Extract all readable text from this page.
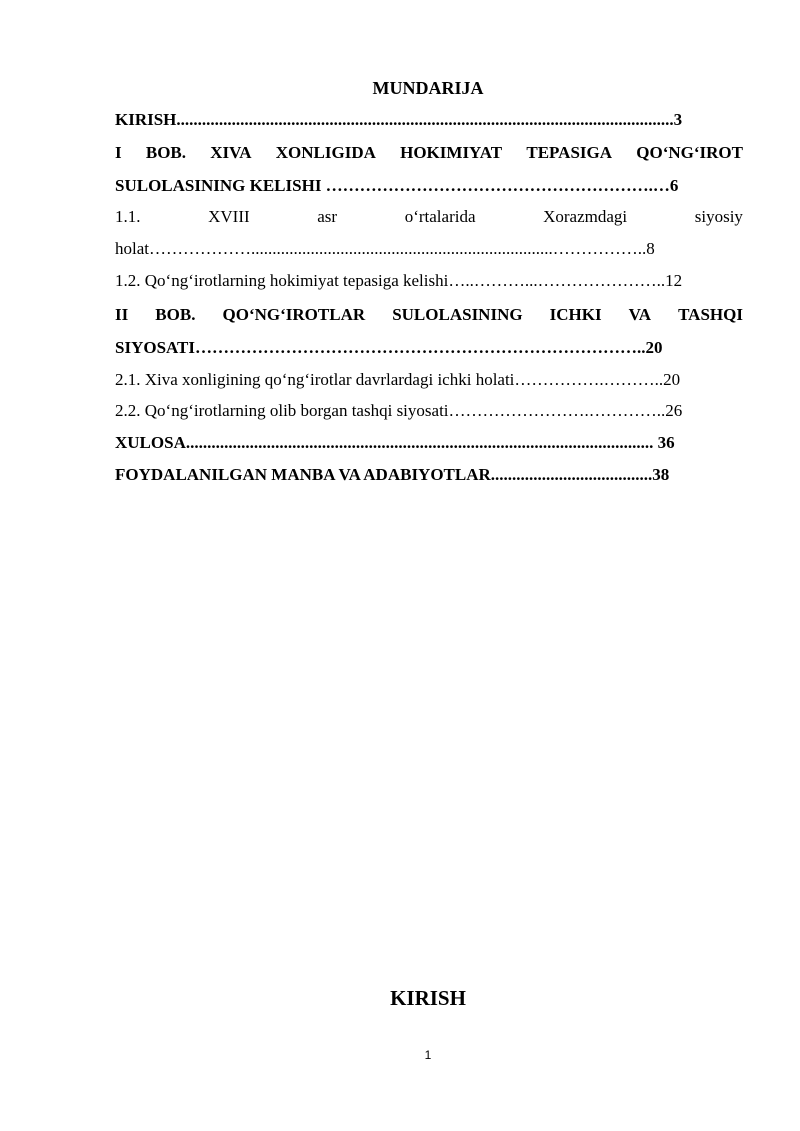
MUNDARIJA
KIRISH.....................................................................................................................3
I BOB. XIVA XONLIGIDA HOKIMIYAT TEPASIGA QO‘NG‘IROT
SULOLASINING KELISHI ………………………………………………….…6
1.1.	XVIII	asr	o‘rtalarida	Xorazmdagi	siyosiy
holat……………….......................................................................……………..8
1.2. Qo‘ng‘irotlarning hokimiyat tepasiga kelishi…..………...…………………..12
II BOB. QO‘NG‘IROTLAR SULOLASINING ICHKI VA TASHQI
SIYOSATI……………………………………………………………………..20
2.1. Xiva xonligining qo‘ng‘irotlar davrlardagi ichki holati…………….………..20
2.2. Qo‘ng‘irotlarning olib borgan tashqi siyosati…………………….…………..26
XULOSA.............................................................................................................. 36
FOYDALANILGAN MANBA VA ADABIYOTLAR......................................38
KIRISH
1
